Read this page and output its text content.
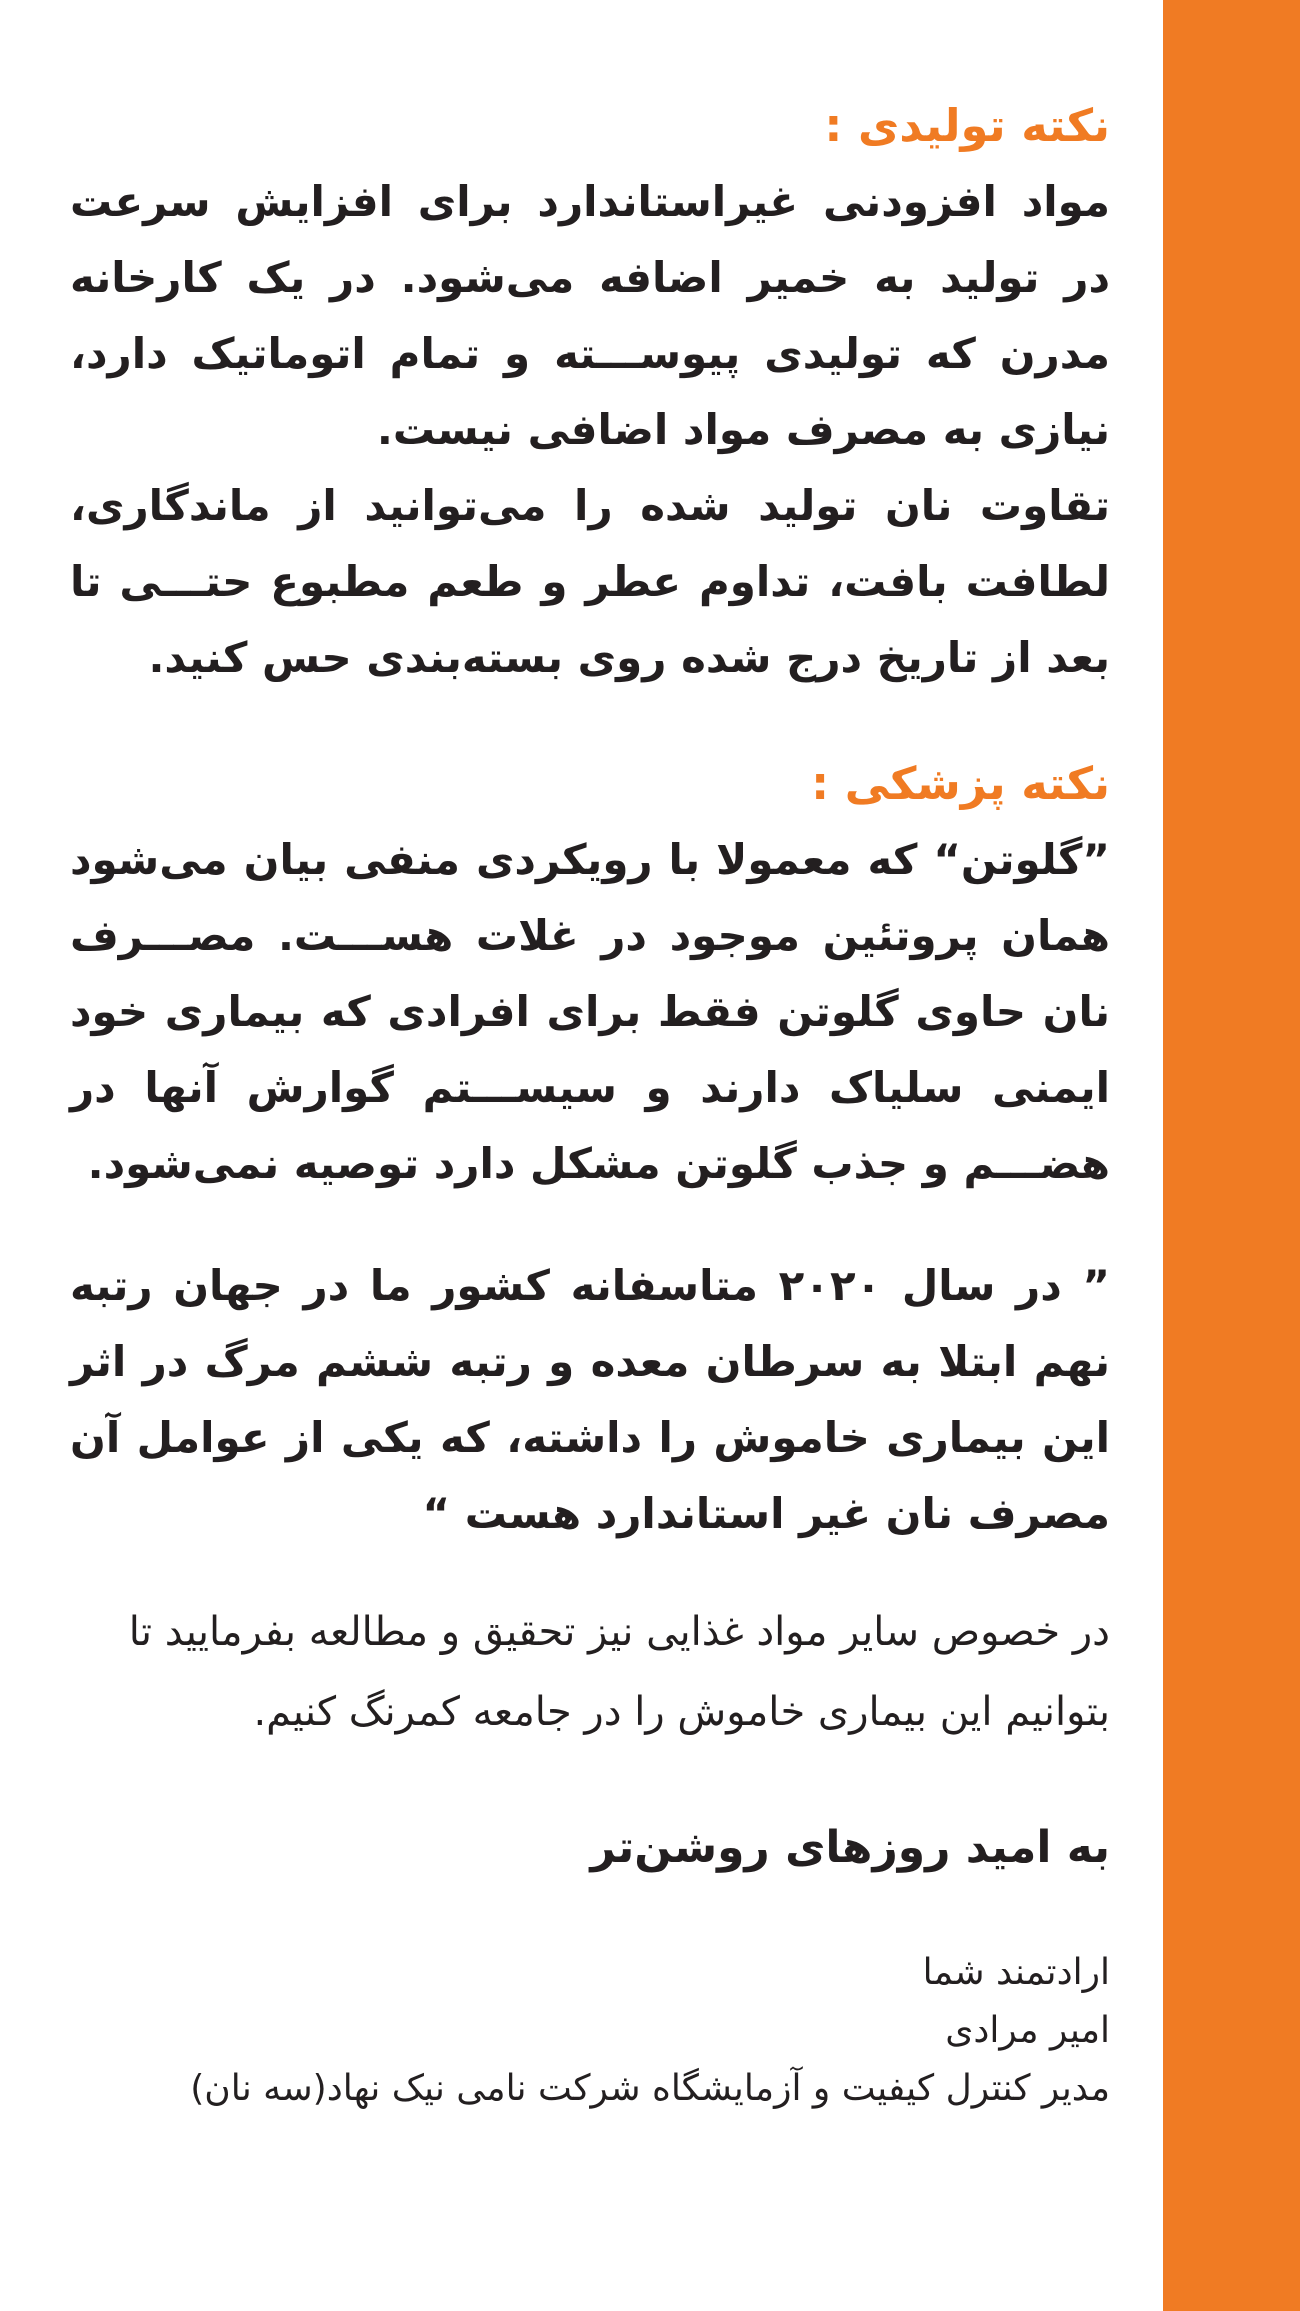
نکته تولیدی :

مواد افزودنی غیراستاندارد برای افزایش سرعت در تولید به خمیر اضافه می‌شود. در یک کارخانه مدرن که تولیدی پیوســـته و تمام اتوماتیک دارد، نیازی به مصرف مواد اضافی نیست.

تقاوت نان تولید شده را می‌توانید از ماندگاری، لطافت بافت، تداوم عطر و طعم مطبوع حتـــی تا بعد از تاریخ درج شده روی بسته‌بندی حس کنید.

نکته پزشکی :

”گلوتن“ که معمولا با رویکردی منفی بیان می‌شود همان پروتئین موجود در غلات هســـت. مصـــرف نان حاوی گلوتن فقط برای افرادی که بیماری خود ایمنی سلیاک دارند و سیســـتم گوارش آنها در هضـــم و جذب گلوتن مشکل دارد توصیه نمی‌شود.

” در سال ۲۰۲۰ متاسفانه کشور ما در جهان رتبه نهم ابتلا به سرطان معده و رتبه ششم مرگ در اثر این بیماری خاموش را داشته، که یکی از عوامل آن مصرف نان غیر استاندارد هست “

در خصوص سایر مواد غذایی نیز تحقیق و مطالعه بفرمایید تا بتوانیم این بیماری خاموش را در جامعه کمرنگ کنیم.

به امید روزهای روشن‌تر

ارادتمند شما
امیر مرادی
مدیر کنترل کیفیت و آزمایشگاه شرکت نامی نیک نهاد(سه نان)
